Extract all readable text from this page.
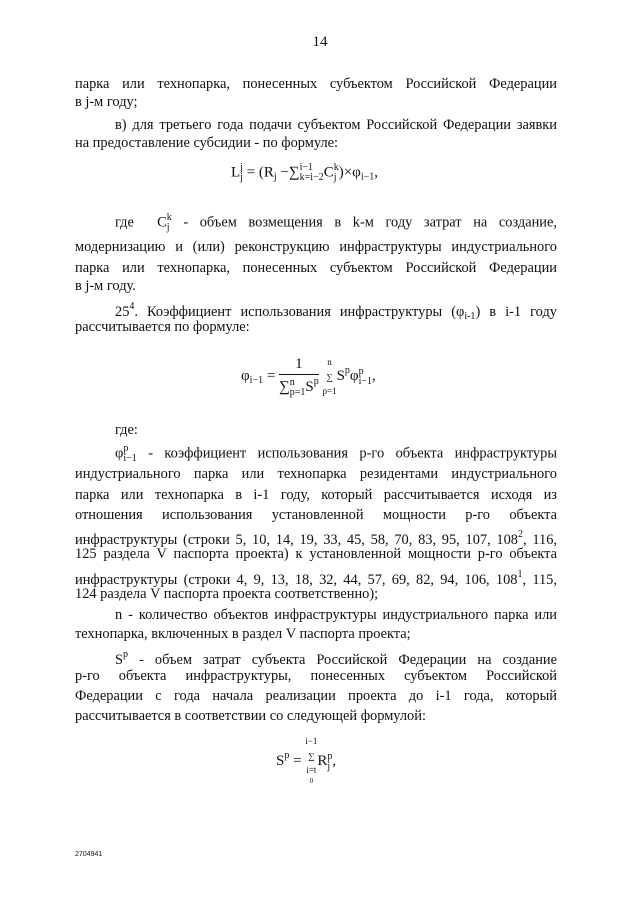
14
парка или технопарка, понесенных субъектом Российской Федерации
в j-м году;
в) для третьего года подачи субъектом Российской Федерации заявки
на предоставление субсидии - по формуле:
L j
$j = (R_j$ −∑ i−1
k=i−2 C k
j )$\times\varphi_{i-1}$,
где C k
j - объем возмещения в k-м году затрат на создание,
модернизацию и (или) реконструкцию инфраструктуры индустриального
парка или технопарка, понесенных субъектом Российской Федерации
в j-м году.
$25^4$. Коэффициент использования инфраструктуры $(\varphi_{i-1})$ в i-1 году
рассчитывается по формуле:
$\varphi_{i-1} = 1$
∑ n
p=1 $S^p$
n
∑
p=1
$S^p\varphi$ p
i−1 ,
где:
φ p
i−1 - коэффициент использования p-го объекта инфраструктуры
индустриального парка или технопарка резидентами индустриального
парка или технопарка в i-1 году, который рассчитывается исходя из
отношения использования установленной мощности p-го объекта
инфраструктуры (строки 5, 10, 14, 19, 33, 45, 58, 70, 83, 95, 107, $108^2$, 116,
125 раздела V паспорта проекта) к установленной мощности p-го объекта
инфраструктуры (строки 4, 9, 13, 18, 32, 44, 57, 69, 82, 94, 106, $108^1$, 115,
124 раздела V паспорта проекта соответственно);
n - количество объектов инфраструктуры индустриального парка или
технопарка, включенных в раздел V паспорта проекта;
$S^p$ - объем затрат субъекта Российской Федерации на создание
p-го объекта инфраструктуры, понесенных субъектом Российской
Федерации с года начала реализации проекта до i-1 года, который
рассчитывается в соответствии со следующей формулой:
$S^p$ =
i−1
∑
i=t
0
R p
j ,
2704941
